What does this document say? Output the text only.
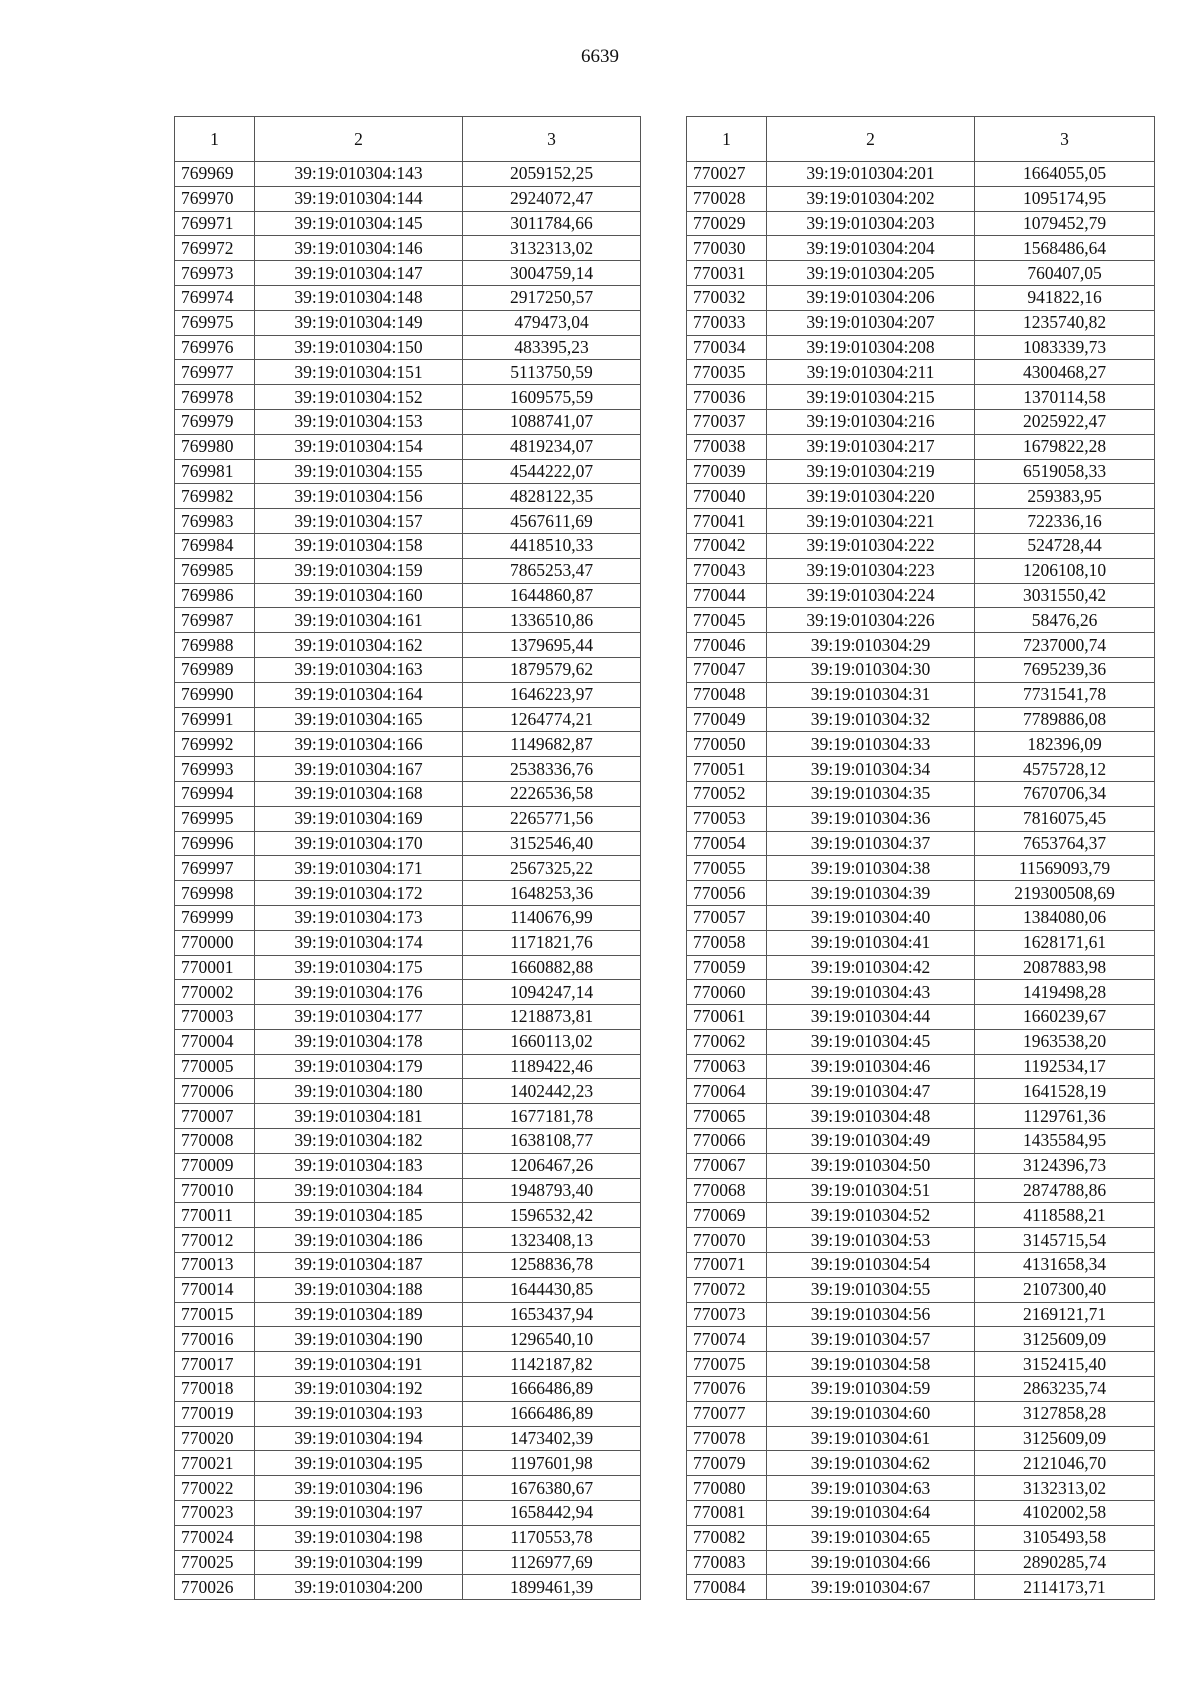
6639
1	2	3
769969	39:19:010304:143	2059152,25
769970	39:19:010304:144	2924072,47
769971	39:19:010304:145	3011784,66
769972	39:19:010304:146	3132313,02
769973	39:19:010304:147	3004759,14
769974	39:19:010304:148	2917250,57
769975	39:19:010304:149	479473,04
769976	39:19:010304:150	483395,23
769977	39:19:010304:151	5113750,59
769978	39:19:010304:152	1609575,59
769979	39:19:010304:153	1088741,07
769980	39:19:010304:154	4819234,07
769981	39:19:010304:155	4544222,07
769982	39:19:010304:156	4828122,35
769983	39:19:010304:157	4567611,69
769984	39:19:010304:158	4418510,33
769985	39:19:010304:159	7865253,47
769986	39:19:010304:160	1644860,87
769987	39:19:010304:161	1336510,86
769988	39:19:010304:162	1379695,44
769989	39:19:010304:163	1879579,62
769990	39:19:010304:164	1646223,97
769991	39:19:010304:165	1264774,21
769992	39:19:010304:166	1149682,87
769993	39:19:010304:167	2538336,76
769994	39:19:010304:168	2226536,58
769995	39:19:010304:169	2265771,56
769996	39:19:010304:170	3152546,40
769997	39:19:010304:171	2567325,22
769998	39:19:010304:172	1648253,36
769999	39:19:010304:173	1140676,99
770000	39:19:010304:174	1171821,76
770001	39:19:010304:175	1660882,88
770002	39:19:010304:176	1094247,14
770003	39:19:010304:177	1218873,81
770004	39:19:010304:178	1660113,02
770005	39:19:010304:179	1189422,46
770006	39:19:010304:180	1402442,23
770007	39:19:010304:181	1677181,78
770008	39:19:010304:182	1638108,77
770009	39:19:010304:183	1206467,26
770010	39:19:010304:184	1948793,40
770011	39:19:010304:185	1596532,42
770012	39:19:010304:186	1323408,13
770013	39:19:010304:187	1258836,78
770014	39:19:010304:188	1644430,85
770015	39:19:010304:189	1653437,94
770016	39:19:010304:190	1296540,10
770017	39:19:010304:191	1142187,82
770018	39:19:010304:192	1666486,89
770019	39:19:010304:193	1666486,89
770020	39:19:010304:194	1473402,39
770021	39:19:010304:195	1197601,98
770022	39:19:010304:196	1676380,67
770023	39:19:010304:197	1658442,94
770024	39:19:010304:198	1170553,78
770025	39:19:010304:199	1126977,69
770026	39:19:010304:200	1899461,39
1	2	3
770027	39:19:010304:201	1664055,05
770028	39:19:010304:202	1095174,95
770029	39:19:010304:203	1079452,79
770030	39:19:010304:204	1568486,64
770031	39:19:010304:205	760407,05
770032	39:19:010304:206	941822,16
770033	39:19:010304:207	1235740,82
770034	39:19:010304:208	1083339,73
770035	39:19:010304:211	4300468,27
770036	39:19:010304:215	1370114,58
770037	39:19:010304:216	2025922,47
770038	39:19:010304:217	1679822,28
770039	39:19:010304:219	6519058,33
770040	39:19:010304:220	259383,95
770041	39:19:010304:221	722336,16
770042	39:19:010304:222	524728,44
770043	39:19:010304:223	1206108,10
770044	39:19:010304:224	3031550,42
770045	39:19:010304:226	58476,26
770046	39:19:010304:29	7237000,74
770047	39:19:010304:30	7695239,36
770048	39:19:010304:31	7731541,78
770049	39:19:010304:32	7789886,08
770050	39:19:010304:33	182396,09
770051	39:19:010304:34	4575728,12
770052	39:19:010304:35	7670706,34
770053	39:19:010304:36	7816075,45
770054	39:19:010304:37	7653764,37
770055	39:19:010304:38	11569093,79
770056	39:19:010304:39	219300508,69
770057	39:19:010304:40	1384080,06
770058	39:19:010304:41	1628171,61
770059	39:19:010304:42	2087883,98
770060	39:19:010304:43	1419498,28
770061	39:19:010304:44	1660239,67
770062	39:19:010304:45	1963538,20
770063	39:19:010304:46	1192534,17
770064	39:19:010304:47	1641528,19
770065	39:19:010304:48	1129761,36
770066	39:19:010304:49	1435584,95
770067	39:19:010304:50	3124396,73
770068	39:19:010304:51	2874788,86
770069	39:19:010304:52	4118588,21
770070	39:19:010304:53	3145715,54
770071	39:19:010304:54	4131658,34
770072	39:19:010304:55	2107300,40
770073	39:19:010304:56	2169121,71
770074	39:19:010304:57	3125609,09
770075	39:19:010304:58	3152415,40
770076	39:19:010304:59	2863235,74
770077	39:19:010304:60	3127858,28
770078	39:19:010304:61	3125609,09
770079	39:19:010304:62	2121046,70
770080	39:19:010304:63	3132313,02
770081	39:19:010304:64	4102002,58
770082	39:19:010304:65	3105493,58
770083	39:19:010304:66	2890285,74
770084	39:19:010304:67	2114173,71
